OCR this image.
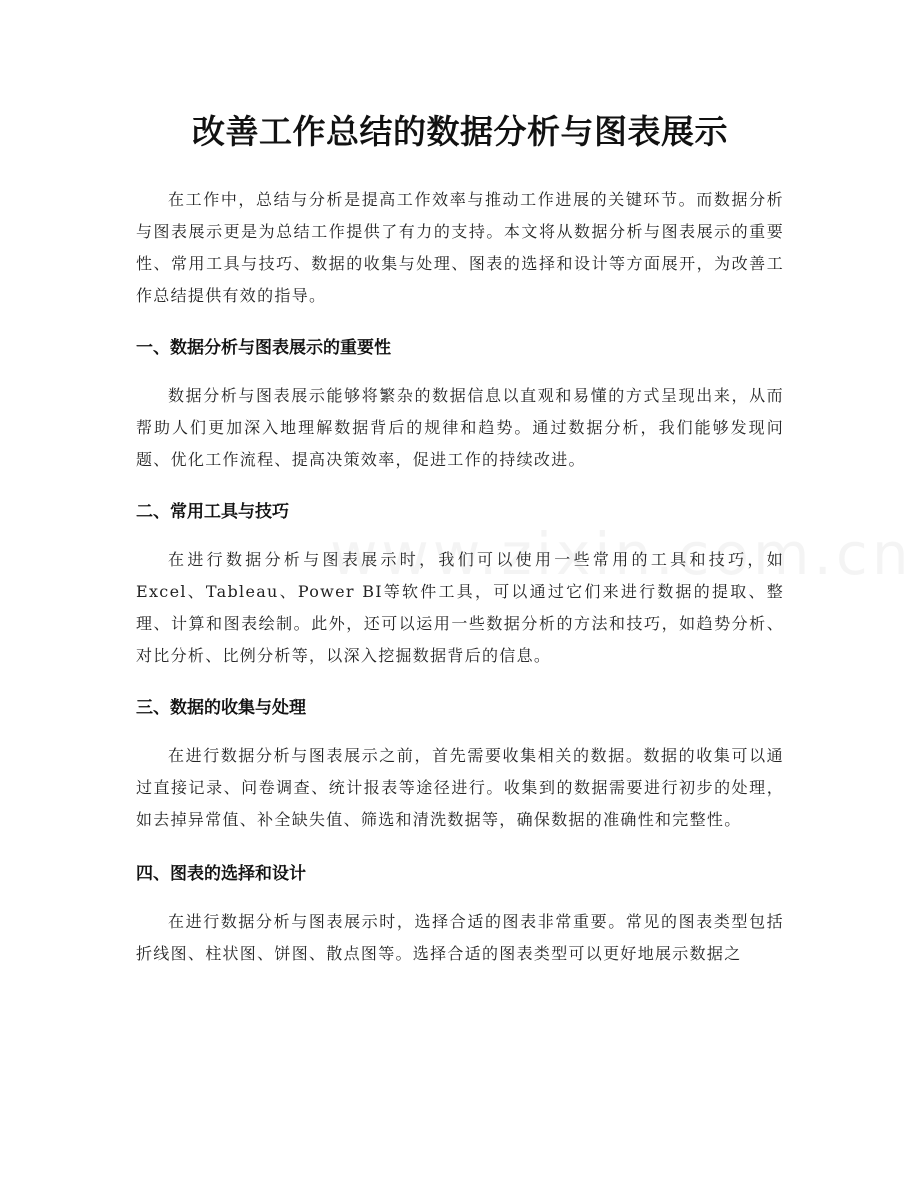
改善工作总结的数据分析与图表展示

在工作中，总结与分析是提高工作效率与推动工作进展的关键环节。而数据分析与图表展示更是为总结工作提供了有力的支持。本文将从数据分析与图表展示的重要性、常用工具与技巧、数据的收集与处理、图表的选择和设计等方面展开，为改善工作总结提供有效的指导。

一、数据分析与图表展示的重要性

数据分析与图表展示能够将繁杂的数据信息以直观和易懂的方式呈现出来，从而帮助人们更加深入地理解数据背后的规律和趋势。通过数据分析，我们能够发现问题、优化工作流程、提高决策效率，促进工作的持续改进。

二、常用工具与技巧

在进行数据分析与图表展示时，我们可以使用一些常用的工具和技巧，如Excel、Tableau、Power BI等软件工具，可以通过它们来进行数据的提取、整理、计算和图表绘制。此外，还可以运用一些数据分析的方法和技巧，如趋势分析、对比分析、比例分析等，以深入挖掘数据背后的信息。

三、数据的收集与处理

在进行数据分析与图表展示之前，首先需要收集相关的数据。数据的收集可以通过直接记录、问卷调查、统计报表等途径进行。收集到的数据需要进行初步的处理，如去掉异常值、补全缺失值、筛选和清洗数据等，确保数据的准确性和完整性。

四、图表的选择和设计

在进行数据分析与图表展示时，选择合适的图表非常重要。常见的图表类型包括折线图、柱状图、饼图、散点图等。选择合适的图表类型可以更好地展示数据之
